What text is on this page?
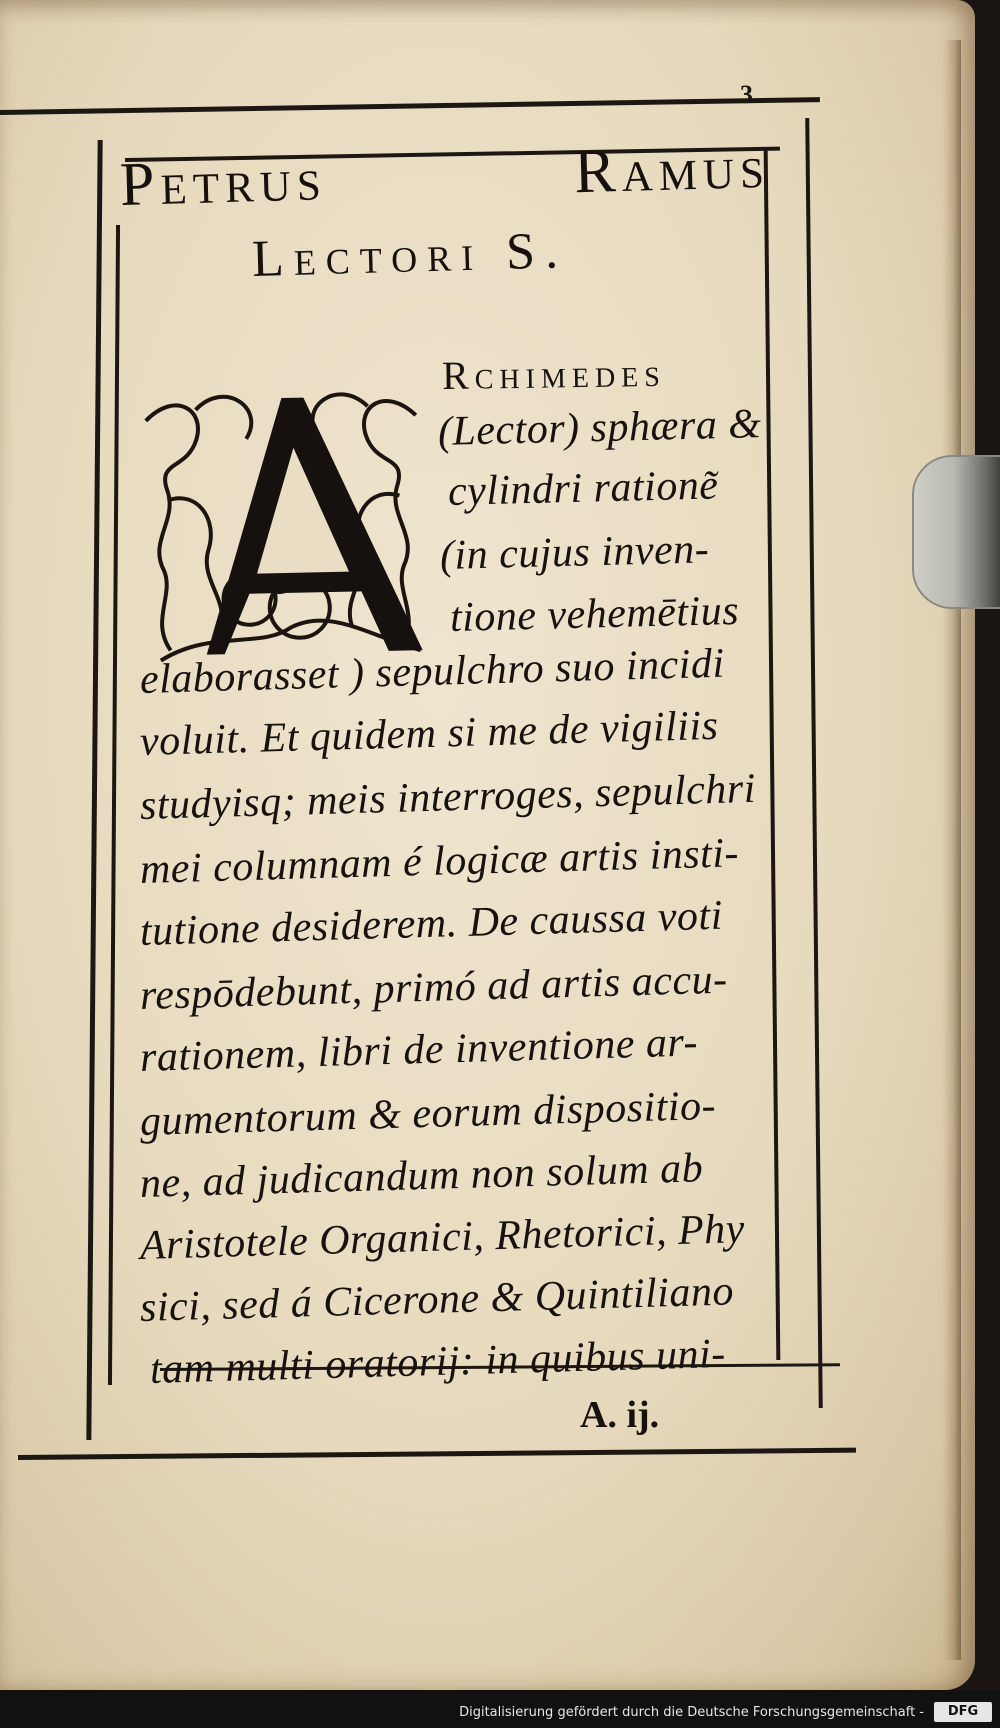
3
Petrus	Ramus
Lectori S.
Rchimedes
(Lector) sphæra &
cylindri ratione͂
(in cujus inven-
tione vehemētius
elaborasset ) sepulchro suo incidi
voluit. Et quidem si me de vigiliis
studyisq; meis interroges, sepulchri
mei columnam é logicæ artis insti-
tutione desiderem. De caussa voti
respōdebunt, primó ad artis accu-
rationem, libri de inventione ar-
gumentorum & eorum dispositio-
ne, ad judicandum non solum ab
Aristotele Organici, Rhetorici, Phy
sici, sed á Cicerone & Quintiliano
tam multi oratorij: in quibus uni-
A. ij.
Digitalisierung gefördert durch die Deutsche Forschungsgemeinschaft -	DFG
